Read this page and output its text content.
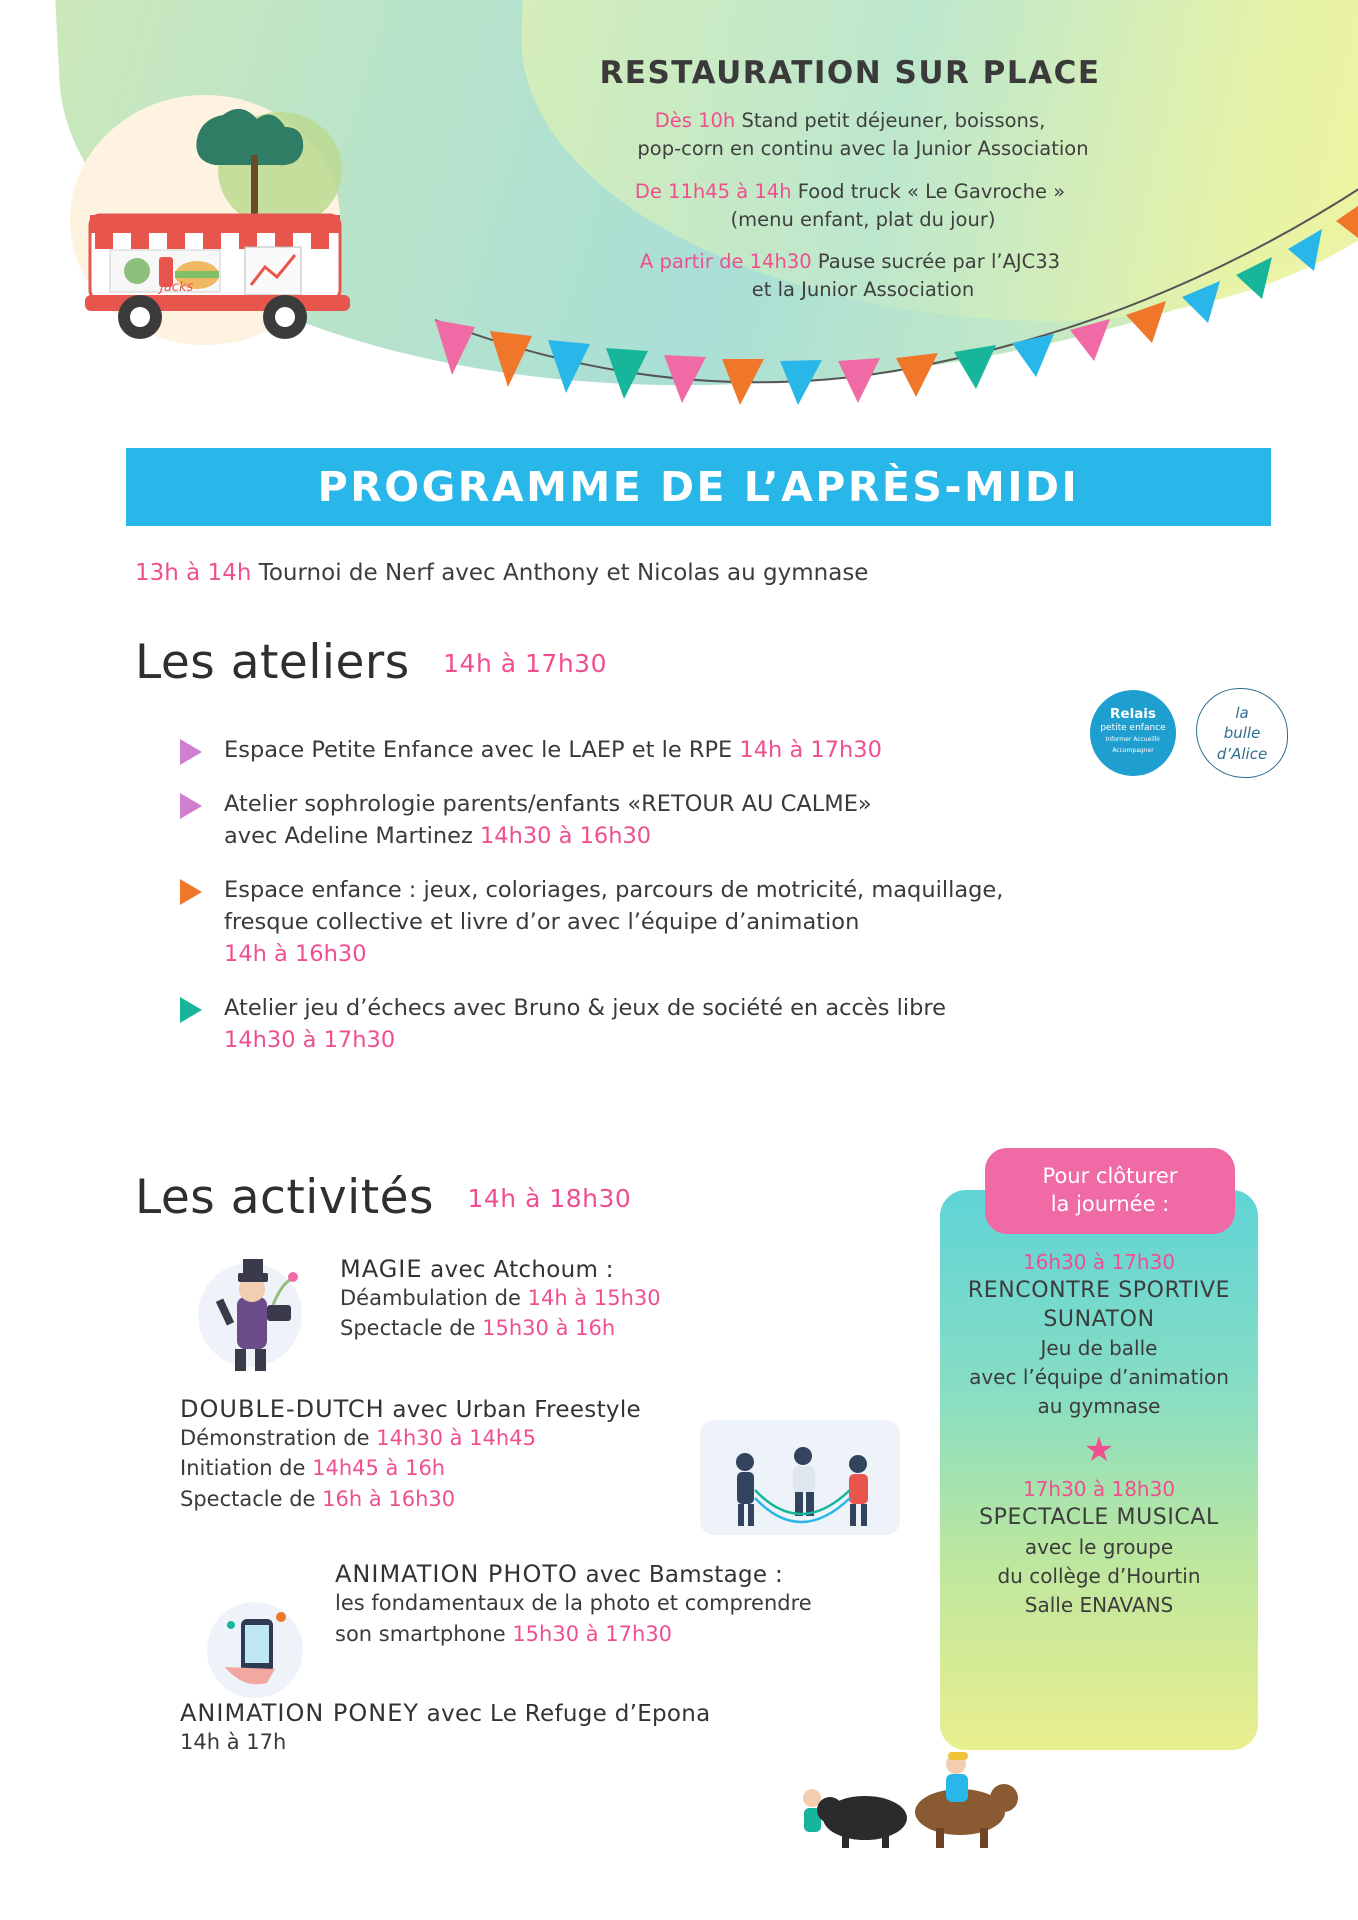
Jacks
RESTAURATION SUR PLACE

Dès 10h Stand petit déjeuner, boissons,
pop-corn en continu avec la Junior Association

De 11h45 à 14h Food truck « Le Gavroche »
(menu enfant, plat du jour)

A partir de 14h30 Pause sucrée par l’AJC33
et la Junior Association

PROGRAMME DE L’APRÈS-MIDI
13h à 14h Tournoi de Nerf avec Anthony et Nicolas au gymnase
Les ateliers 14h à 17h30
Relais
petite enfance
Informer Accueillir Accompagner
la
bulle
d’Alice
Espace Petite Enfance avec le LAEP et le RPE 14h à 17h30
Atelier sophrologie parents/enfants «RETOUR AU CALME»
avec Adeline Martinez 14h30 à 16h30
Espace enfance : jeux, coloriages, parcours de motricité, maquillage,
fresque collective et livre d’or avec l’équipe d’animation
14h à 16h30
Atelier jeu d’échecs avec Bruno & jeux de société en accès libre
14h30 à 17h30
Les activités 14h à 18h30
MAGIE avec Atchoum :
Déambulation de 14h à 15h30
Spectacle de 15h30 à 16h
DOUBLE-DUTCH avec Urban Freestyle
Démonstration de 14h30 à 14h45
Initiation de 14h45 à 16h
Spectacle de 16h à 16h30
ANIMATION PHOTO avec Bamstage :
les fondamentaux de la photo et comprendre
son smartphone 15h30 à 17h30
ANIMATION PONEY avec Le Refuge d’Epona
14h à 17h
16h30 à 17h30
RENCONTRE SPORTIVE
SUNATON
Jeu de balle
avec l’équipe d’animation
au gymnase
★
17h30 à 18h30
SPECTACLE MUSICAL
avec le groupe
du collège d’Hourtin
Salle ENAVANS
Pour clôturer
la journée :
